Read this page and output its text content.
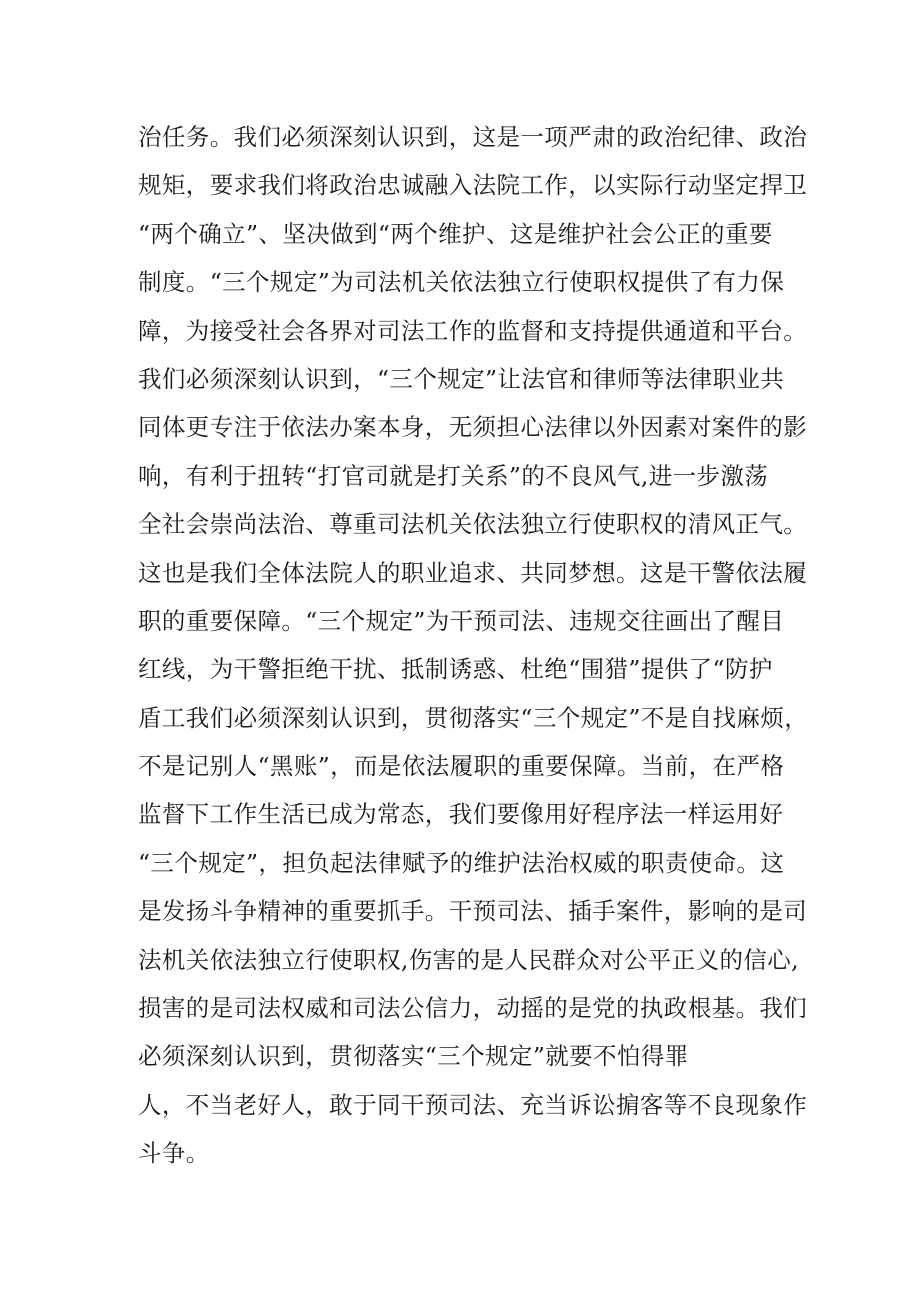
治任务。我们必须深刻认识到，这是一项严肃的政治纪律、政治
规矩，要求我们将政治忠诚融入法院工作，以实际行动坚定捍卫
“两个确立”、坚决做到“两个维护、这是维护社会公正的重要
制度。“三个规定”为司法机关依法独立行使职权提供了有力保
障，为接受社会各界对司法工作的监督和支持提供通道和平台。
我们必须深刻认识到，“三个规定”让法官和律师等法律职业共
同体更专注于依法办案本身，无须担心法律以外因素对案件的影
响，有利于扭转“打官司就是打关系”的不良风气,进一步激荡
全社会崇尚法治、尊重司法机关依法独立行使职权的清风正气。
这也是我们全体法院人的职业追求、共同梦想。这是干警依法履
职的重要保障。“三个规定”为干预司法、违规交往画出了醒目
红线，为干警拒绝干扰、抵制诱惑、杜绝“围猎”提供了“防护
盾工我们必须深刻认识到，贯彻落实“三个规定”不是自找麻烦，
不是记别人“黑账”，而是依法履职的重要保障。当前，在严格
监督下工作生活已成为常态，我们要像用好程序法一样运用好
“三个规定”，担负起法律赋予的维护法治权威的职责使命。这
是发扬斗争精神的重要抓手。干预司法、插手案件，影响的是司
法机关依法独立行使职权,伤害的是人民群众对公平正义的信心,
损害的是司法权威和司法公信力，动摇的是党的执政根基。我们
必须深刻认识到，贯彻落实“三个规定”就要不怕得罪
人，不当老好人，敢于同干预司法、充当诉讼掮客等不良现象作
斗争。
